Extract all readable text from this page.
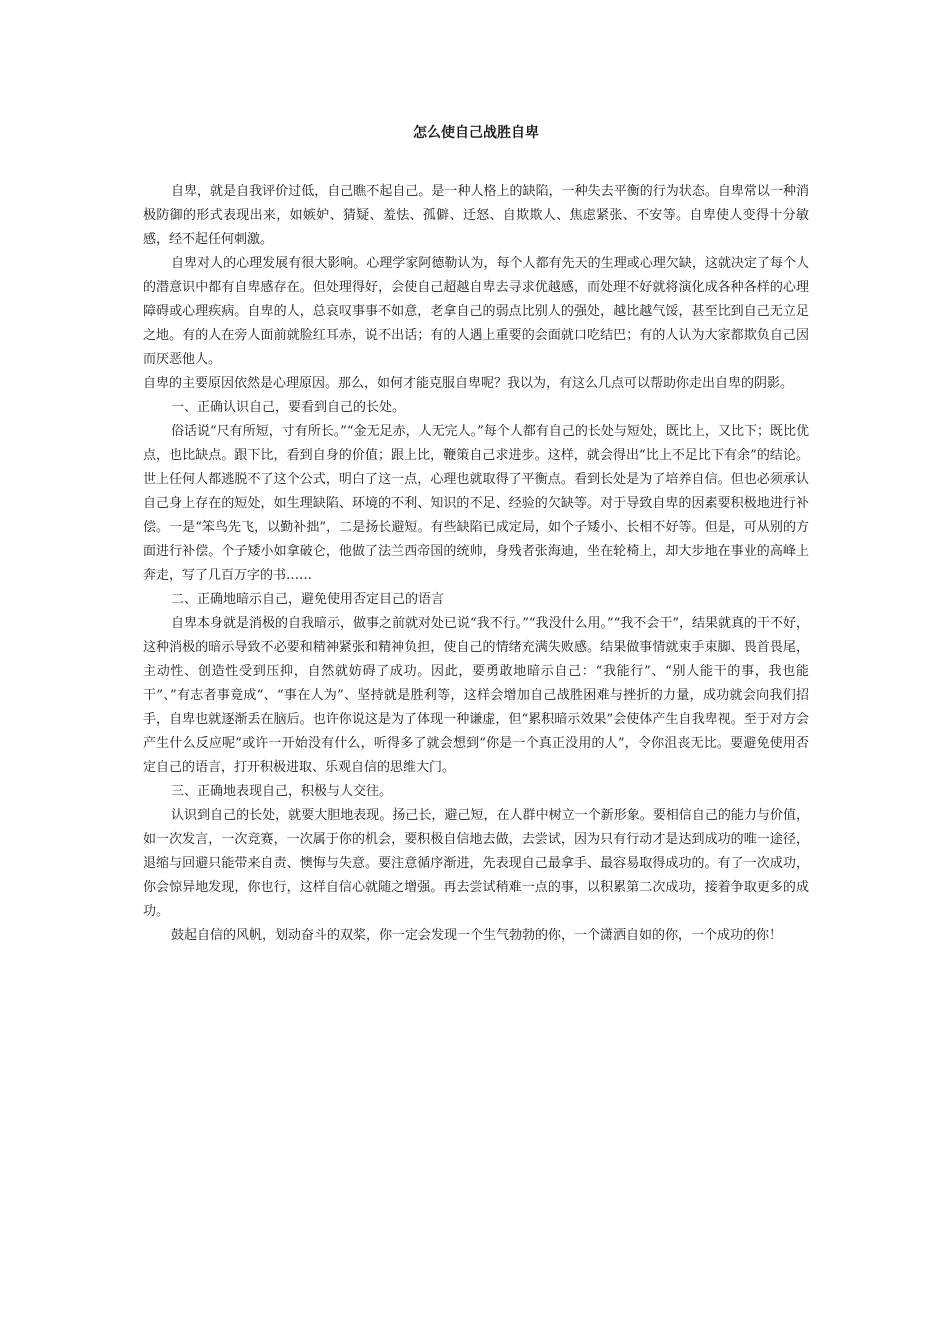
怎么使自己战胜自卑

自卑，就是自我评价过低，自己瞧不起自己。是一种人格上的缺陷，一种失去平衡的行为状态。自卑常以一种消极防御的形式表现出来，如嫉妒、猜疑、羞怯、孤僻、迁怒、自欺欺人、焦虑紧张、不安等。自卑使人变得十分敏感，经不起任何刺激。

自卑对人的心理发展有很大影响。心理学家阿德勒认为，每个人都有先天的生理或心理欠缺，这就决定了每个人的潜意识中都有自卑感存在。但处理得好，会使自己超越自卑去寻求优越感，而处理不好就将演化成各种各样的心理障碍或心理疾病。自卑的人，总哀叹事事不如意，老拿自己的弱点比别人的强处，越比越气馁，甚至比到自己无立足之地。有的人在旁人面前就脸红耳赤，说不出话；有的人遇上重要的会面就口吃结巴；有的人认为大家都欺负自己因而厌恶他人。

自卑的主要原因依然是心理原因。那么，如何才能克服自卑呢？我以为，有这么几点可以帮助你走出自卑的阴影。

一、正确认识自己，要看到自己的长处。

俗话说“尺有所短，寸有所长。”“金无足赤，人无完人。”每个人都有自己的长处与短处，既比上，又比下；既比优点，也比缺点。跟下比，看到自身的价值；跟上比，鞭策自己求进步。这样，就会得出“比上不足比下有余”的结论。世上任何人都逃脱不了这个公式，明白了这一点，心理也就取得了平衡点。看到长处是为了培养自信。但也必须承认自己身上存在的短处，如生理缺陷、环境的不利、知识的不足、经验的欠缺等。对于导致自卑的因素要积极地进行补偿。一是“笨鸟先飞，以勤补拙”，二是扬长避短。有些缺陷已成定局，如个子矮小、长相不好等。但是，可从别的方面进行补偿。个子矮小如拿破仑，他做了法兰西帝国的统帅，身残者张海迪，坐在轮椅上，却大步地在事业的高峰上奔走，写了几百万字的书……

二、正确地暗示自己，避免使用否定目己的语言

自卑本身就是消极的自我暗示，做事之前就对处已说“我不行。”“我没什么用。”“我不会干”，结果就真的干不好，这种消极的暗示导致不必要和精神紧张和精神负担，使自己的情绪充满失败感。结果做事情就束手束脚、畏首畏尾，主动性、创造性受到压抑，自然就妨碍了成功。因此，要勇敢地暗示自己：“我能行”、“别人能干的事，我也能干”、”有志者事竟成“、“事在人为”、坚持就是胜利等，这样会增加自己战胜困难与挫折的力量，成功就会向我们招手，自卑也就逐渐丢在脑后。也许你说这是为了体现一种谦虚，但“累积暗示效果”会使体产生自我卑视。至于对方会产生什么反应呢”或许一开始没有什么，听得多了就会想到“你是一个真正没用的人”，令你沮丧无比。要避免使用否定自己的语言，打开积极进取、乐观自信的思维大门。

三、正确地表现自己，积极与人交往。

认识到自己的长处，就要大胆地表现。扬己长，避己短，在人群中树立一个新形象。要相信自己的能力与价值，如一次发言，一次竞赛，一次属于你的机会，要积极自信地去做，去尝试，因为只有行动才是达到成功的唯一途径，退缩与回避只能带来自责、懊悔与失意。要注意循序渐进，先表现自己最拿手、最容易取得成功的。有了一次成功，你会惊异地发现，你也行，这样自信心就随之增强。再去尝试稍难一点的事，以积累第二次成功，接着争取更多的成功。

鼓起自信的风帆，划动奋斗的双桨，你一定会发现一个生气勃勃的你，一个潇洒自如的你，一个成功的你！
